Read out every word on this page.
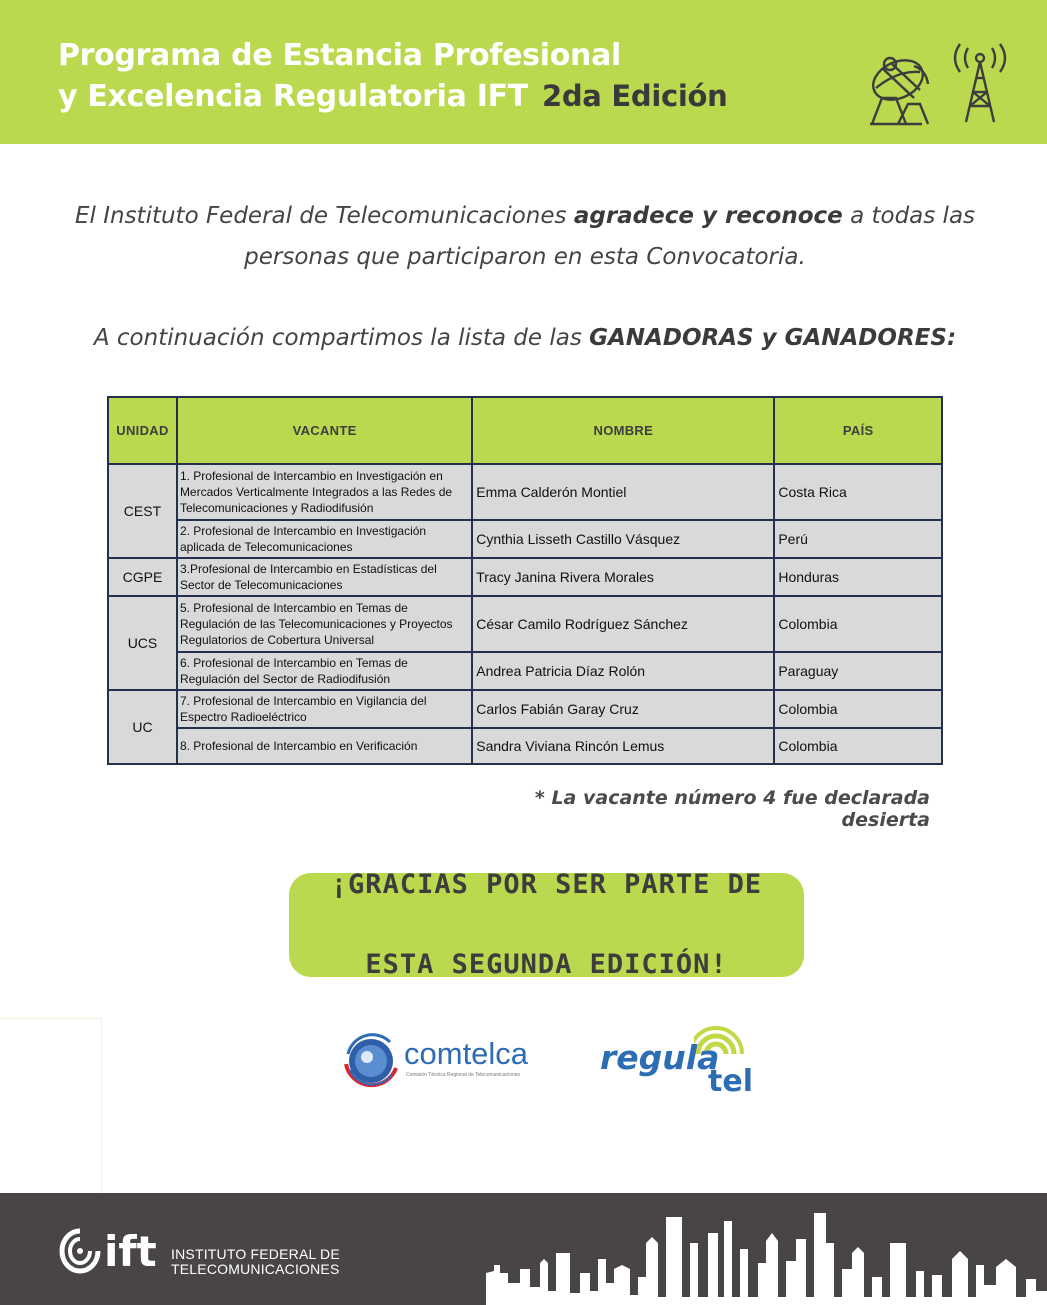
Programa de Estancia Profesional
y Excelencia Regulatoria IFT 2da Edición
El Instituto Federal de Telecomunicaciones agradece y reconoce a todas las personas que participaron en esta Convocatoria.
A continuación compartimos la lista de las GANADORAS y GANADORES:
UNIDAD	VACANTE	NOMBRE	PAÍS
CEST	1. Profesional de Intercambio en Investigación en Mercados Verticalmente Integrados a las Redes de Telecomunicaciones y Radiodifusión	Emma Calderón Montiel	Costa Rica
	2. Profesional de Intercambio en Investigación aplicada de Telecomunicaciones	Cynthia Lisseth Castillo Vásquez	Perú
CGPE	3.Profesional de Intercambio en Estadísticas del Sector de Telecomunicaciones	Tracy Janina Rivera Morales	Honduras
UCS	5. Profesional de Intercambio en Temas de Regulación de las Telecomunicaciones y Proyectos Regulatorios de Cobertura Universal	César Camilo Rodríguez Sánchez	Colombia
	6. Profesional de Intercambio en Temas de Regulación del Sector de Radiodifusión	Andrea Patricia Díaz Rolón	Paraguay
UC	7. Profesional de Intercambio en Vigilancia del Espectro Radioeléctrico	Carlos Fabián Garay Cruz	Colombia
	8. Profesional de Intercambio en Verificación	Sandra Viviana Rincón Lemus	Colombia
* La vacante número 4 fue declarada desierta
¡GRACIAS POR SER PARTE DE

ESTA SEGUNDA EDICIÓN!
comtelca
Comisión Técnica Regional de Telecomunicaciones	regula
tel
ift INSTITUTO FEDERAL DE
TELECOMUNICACIONES
